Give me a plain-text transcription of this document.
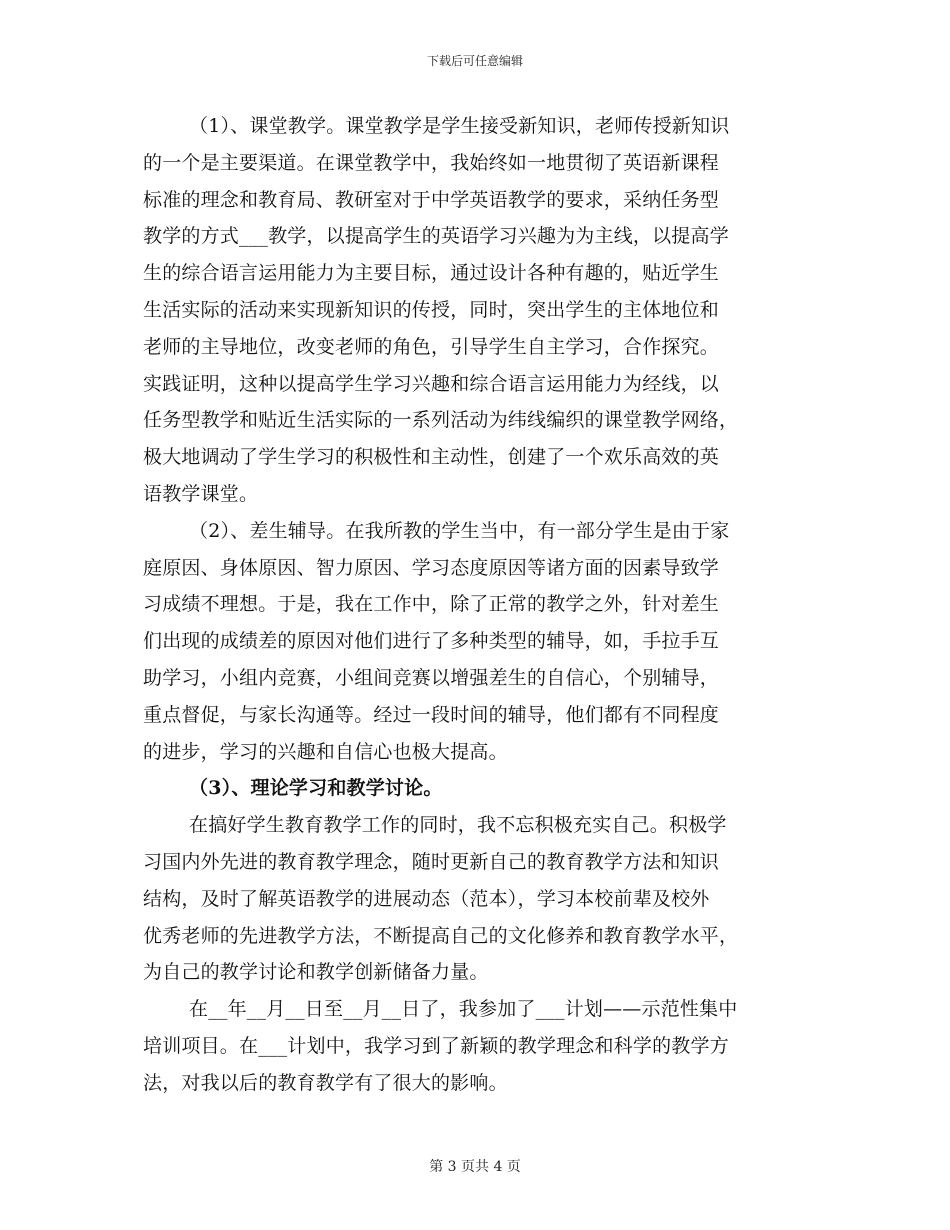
下载后可任意编辑
（1）、课堂教学。课堂教学是学生接受新知识，老师传授新知识
的一个是主要渠道。在课堂教学中，我始终如一地贯彻了英语新课程
标准的理念和教育局、教研室对于中学英语教学的要求，采纳任务型
教学的方式___教学，以提高学生的英语学习兴趣为为主线，以提高学
生的综合语言运用能力为主要目标，通过设计各种有趣的，贴近学生
生活实际的活动来实现新知识的传授，同时，突出学生的主体地位和
老师的主导地位，改变老师的角色，引导学生自主学习，合作探究。
实践证明，这种以提高学生学习兴趣和综合语言运用能力为经线，以
任务型教学和贴近生活实际的一系列活动为纬线编织的课堂教学网络，
极大地调动了学生学习的积极性和主动性，创建了一个欢乐高效的英
语教学课堂。
（2）、差生辅导。在我所教的学生当中，有一部分学生是由于家
庭原因、身体原因、智力原因、学习态度原因等诸方面的因素导致学
习成绩不理想。于是，我在工作中，除了正常的教学之外，针对差生
们出现的成绩差的原因对他们进行了多种类型的辅导，如，手拉手互
助学习，小组内竞赛，小组间竞赛以增强差生的自信心，个别辅导，
重点督促，与家长沟通等。经过一段时间的辅导，他们都有不同程度
的进步，学习的兴趣和自信心也极大提高。
（3）、理论学习和教学讨论。
在搞好学生教育教学工作的同时，我不忘积极充实自己。积极学
习国内外先进的教育教学理念，随时更新自己的教育教学方法和知识
结构，及时了解英语教学的进展动态（范本），学习本校前辈及校外
优秀老师的先进教学方法，不断提高自己的文化修养和教育教学水平，
为自己的教学讨论和教学创新储备力量。
在__年__月__日至__月__日了，我参加了___计划——示范性集中
培训项目。在___计划中，我学习到了新颖的教学理念和科学的教学方
法，对我以后的教育教学有了很大的影响。
第 3 页共 4 页
